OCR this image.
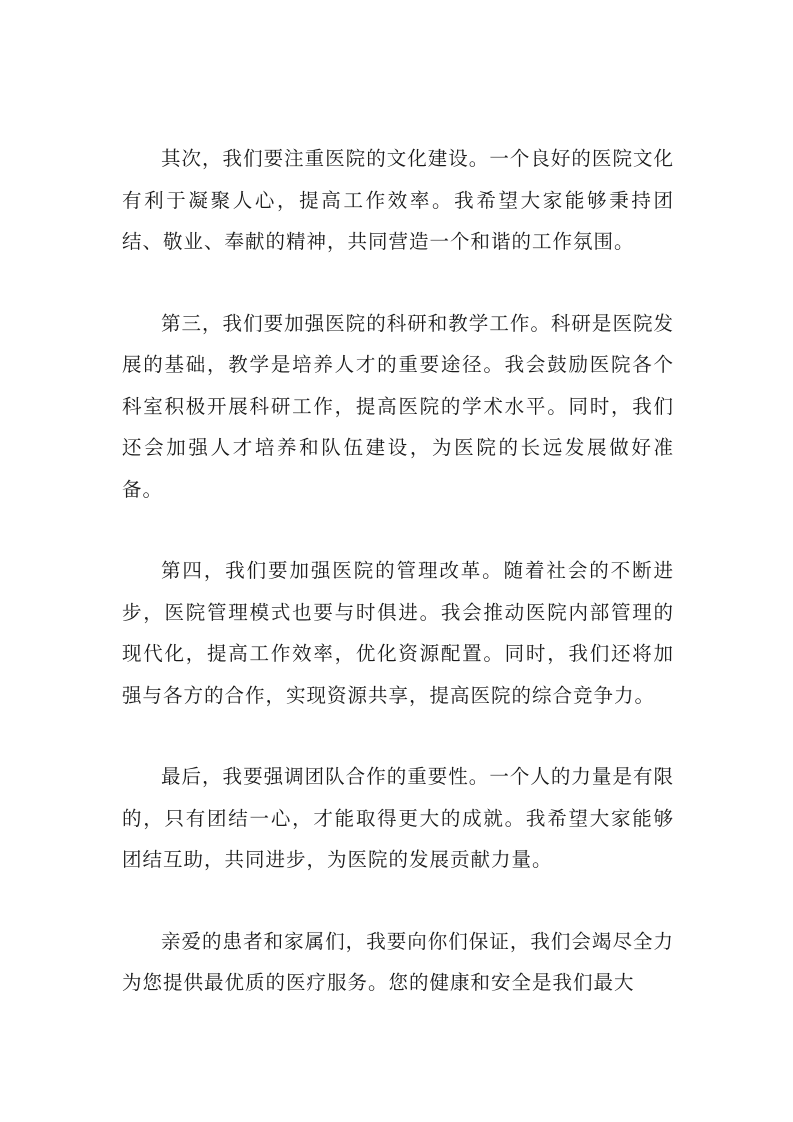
其次，我们要注重医院的文化建设。一个良好的医院文化有利于凝聚人心，提高工作效率。我希望大家能够秉持团结、敬业、奉献的精神，共同营造一个和谐的工作氛围。

第三，我们要加强医院的科研和教学工作。科研是医院发展的基础，教学是培养人才的重要途径。我会鼓励医院各个科室积极开展科研工作，提高医院的学术水平。同时，我们还会加强人才培养和队伍建设，为医院的长远发展做好准备。

第四，我们要加强医院的管理改革。随着社会的不断进步，医院管理模式也要与时俱进。我会推动医院内部管理的现代化，提高工作效率，优化资源配置。同时，我们还将加强与各方的合作，实现资源共享，提高医院的综合竞争力。

最后，我要强调团队合作的重要性。一个人的力量是有限的，只有团结一心，才能取得更大的成就。我希望大家能够团结互助，共同进步，为医院的发展贡献力量。

亲爱的患者和家属们，我要向你们保证，我们会竭尽全力为您提供最优质的医疗服务。您的健康和安全是我们最大
